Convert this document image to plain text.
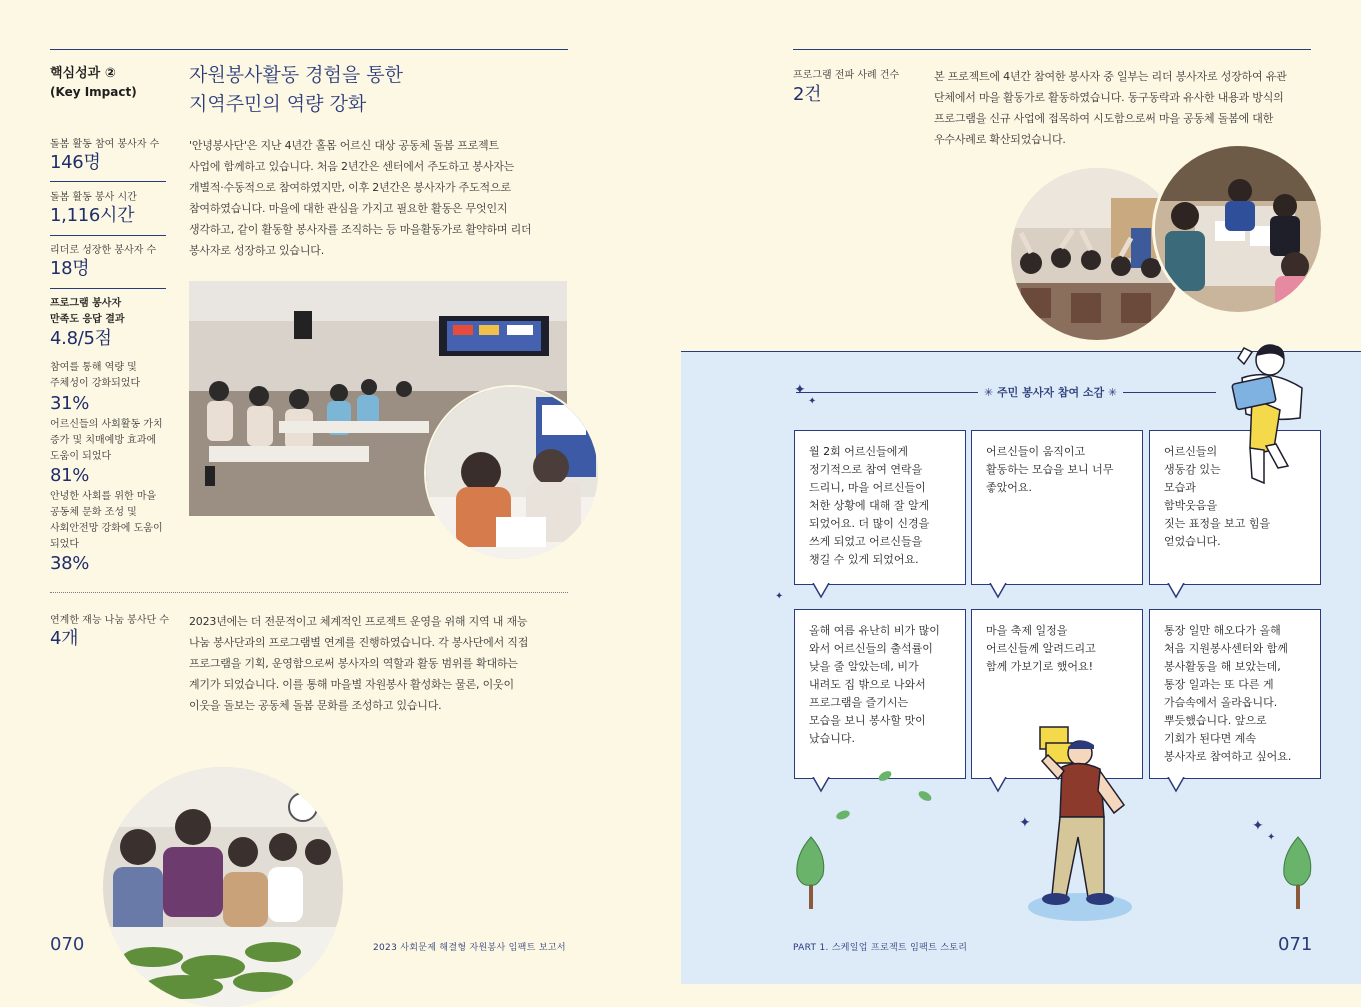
핵심성과 ②
(Key Impact)
자원봉사활동 경험을 통한
지역주민의 역량 강화
돌봄 활동 참여 봉사자 수
146명
돌봄 활동 봉사 시간
1,116시간
리더로 성장한 봉사자 수
18명
프로그램 봉사자
만족도 응답 결과
4.8/5점
참여를 통해 역량 및
주체성이 강화되었다
31%
어르신들의 사회활동 가치
증가 및 치매예방 효과에
도움이 되었다
81%
안녕한 사회를 위한 마을
공동체 문화 조성 및
사회안전망 강화에 도움이
되었다
38%
'안녕봉사단'은 지난 4년간 홀몸 어르신 대상 공동체 돌봄 프로젝트
사업에 함께하고 있습니다. 처음 2년간은 센터에서 주도하고 봉사자는
개별적·수동적으로 참여하였지만, 이후 2년간은 봉사자가 주도적으로
참여하였습니다. 마을에 대한 관심을 가지고 필요한 활동은 무엇인지
생각하고, 같이 활동할 봉사자를 조직하는 등 마을활동가로 활약하며 리더
봉사자로 성장하고 있습니다.
연계한 재능 나눔 봉사단 수
4개
2023년에는 더 전문적이고 체계적인 프로젝트 운영을 위해 지역 내 재능
나눔 봉사단과의 프로그램별 연계를 진행하였습니다. 각 봉사단에서 직접
프로그램을 기획, 운영함으로써 봉사자의 역할과 활동 범위를 확대하는
계기가 되었습니다. 이를 통해 마을별 자원봉사 활성화는 물론, 이웃이
이웃을 돌보는 공동체 돌봄 문화를 조성하고 있습니다.
070	2023 사회문제 해결형 자원봉사 임팩트 보고서
프로그램 전파 사례 건수
2건
본 프로젝트에 4년간 참여한 봉사자 중 일부는 리더 봉사자로 성장하여 유관
단체에서 마을 활동가로 활동하였습니다. 동구동락과 유사한 내용과 방식의
프로그램을 신규 사업에 접목하여 시도함으로써 마을 공동체 돌봄에 대한
우수사례로 확산되었습니다.
✳ 주민 봉사자 참여 소감 ✳
✦
✦
✦
✦	✦
✦
월 2회 어르신들에게
정기적으로 참여 연락을
드리니, 마을 어르신들이
처한 상황에 대해 잘 알게
되었어요. 더 많이 신경을
쓰게 되었고 어르신들을
챙길 수 있게 되었어요.
어르신들이 움직이고
활동하는 모습을 보니 너무
좋았어요.
어르신들의
생동감 있는
모습과
함박웃음을
짓는 표정을 보고 힘을
얻었습니다.
올해 여름 유난히 비가 많이
와서 어르신들의 출석률이
낮을 줄 알았는데, 비가
내려도 집 밖으로 나와서
프로그램을 즐기시는
모습을 보니 봉사할 맛이
났습니다.
마을 축제 일정을
어르신들께 알려드리고
함께 가보기로 했어요!
통장 일만 해오다가 올해
처음 지원봉사센터와 함께
봉사활동을 해 보았는데,
통장 일과는 또 다른 게
가슴속에서 올라옵니다.
뿌듯했습니다. 앞으로
기회가 된다면 계속
봉사자로 참여하고 싶어요.
PART 1. 스케일업 프로젝트 임팩트 스토리	071
